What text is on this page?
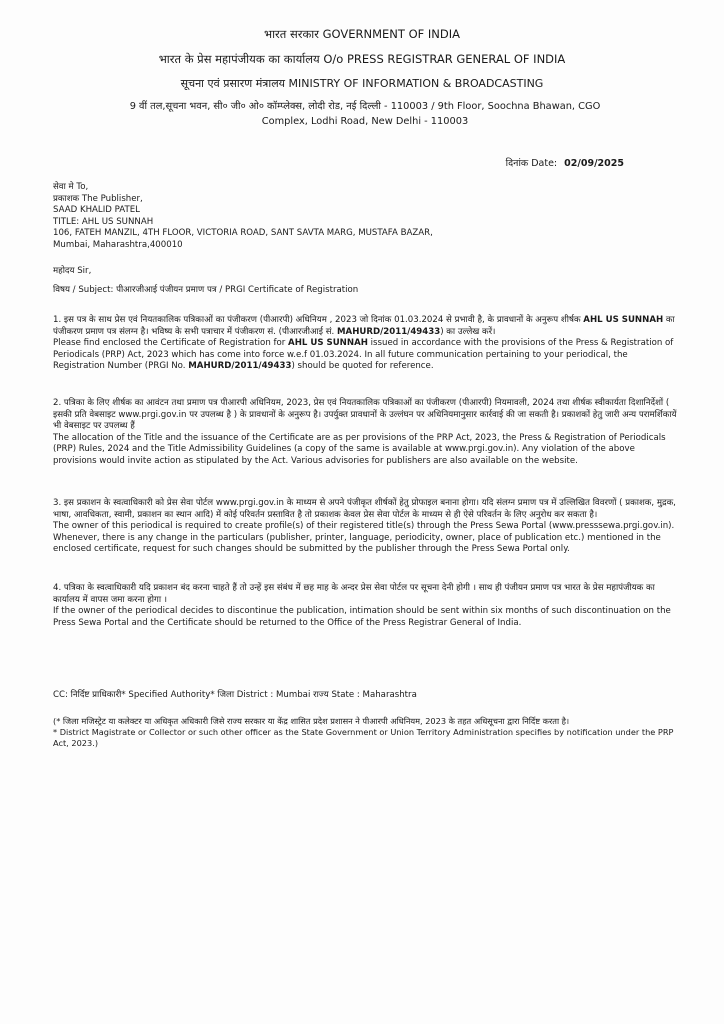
भारत सरकार GOVERNMENT OF INDIA
भारत के प्रेस महापंजीयक का कार्यालय O/o PRESS REGISTRAR GENERAL OF INDIA
सूचना एवं प्रसारण मंत्रालय MINISTRY OF INFORMATION & BROADCASTING
9 वीं तल,सूचना भवन, सी० जी० ओ० कॉम्प्लेक्स, लोदी रोड, नई दिल्ली - 110003 / 9th Floor, Soochna Bhawan, CGO Complex, Lodhi Road, New Delhi - 110003
दिनांक Date: 02/09/2025
सेवा मे To,
प्रकाशक The Publisher,
SAAD KHALID PATEL
TITLE: AHL US SUNNAH
106, FATEH MANZIL, 4TH FLOOR, VICTORIA ROAD, SANT SAVTA MARG, MUSTAFA BAZAR,
Mumbai, Maharashtra,400010
महोदय Sir,
विषय / Subject: पीआरजीआई पंजीयन प्रमाण पत्र / PRGI Certificate of Registration
1. इस पत्र के साथ प्रेस एवं नियतकालिक पत्रिकाओं का पंजीकरण (पीआरपी) अधिनियम , 2023 जो दिनांक 01.03.2024 से प्रभावी है, के प्रावधानों के अनुरूप शीर्षक AHL US SUNNAH का पंजीकरण प्रमाण पत्र संलग्न है। भविष्य के सभी पत्राचार में पंजीकरण सं. (पीआरजीआई सं. MAHURD/2011/49433) का उल्लेख करें।
Please find enclosed the Certificate of Registration for AHL US SUNNAH issued in accordance with the provisions of the Press & Registration of Periodicals (PRP) Act, 2023 which has come into force w.e.f 01.03.2024. In all future communication pertaining to your periodical, the Registration Number (PRGI No. MAHURD/2011/49433) should be quoted for reference.
2. पत्रिका के लिए शीर्षक का आवंटन तथा प्रमाण पत्र पीआरपी अधिनियम, 2023, प्रेस एवं नियतकालिक पत्रिकाओं का पंजीकरण (पीआरपी) नियमावली, 2024 तथा शीर्षक स्वीकार्यता दिशानिर्देशों ( इसकी प्रति वेबसाइट www.prgi.gov.in पर उपलब्ध है ) के प्रावधानों के अनुरूप है। उपर्युक्त प्रावधानों के उल्लंघन पर अधिनियमानुसार कार्रवाई की जा सकती है। प्रकाशकों हेतु जारी अन्य परामर्शिकायें भी वेबसाइट पर उपलब्ध हैं
The allocation of the Title and the issuance of the Certificate are as per provisions of the PRP Act, 2023, the Press & Registration of Periodicals (PRP) Rules, 2024 and the Title Admissibility Guidelines (a copy of the same is available at www.prgi.gov.in). Any violation of the above provisions would invite action as stipulated by the Act. Various advisories for publishers are also available on the website.
3. इस प्रकाशन के स्वत्वाधिकारी को प्रेस सेवा पोर्टल www.prgi.gov.in के माध्यम से अपने पंजीकृत शीर्षकों हेतु प्रोफाइल बनाना होगा। यदि संलग्न प्रमाण पत्र में उल्लिखित विवरणों ( प्रकाशक, मुद्रक, भाषा, आवधिकता, स्वामी, प्रकाशन का स्थान आदि) में कोई परिवर्तन प्रस्तावित है तो प्रकाशक केवल प्रेस सेवा पोर्टल के माध्यम से ही ऐसे परिवर्तन के लिए अनुरोध कर सकता है।
The owner of this periodical is required to create profile(s) of their registered title(s) through the Press Sewa Portal (www.presssewa.prgi.gov.in). Whenever, there is any change in the particulars (publisher, printer, language, periodicity, owner, place of publication etc.) mentioned in the enclosed certificate, request for such changes should be submitted by the publisher through the Press Sewa Portal only.
4. पत्रिका के स्वत्वाधिकारी यदि प्रकाशन बंद करना चाहते हैं तो उन्हें इस संबंध में छह माह के अन्दर प्रेस सेवा पोर्टल पर सूचना देनी होगी । साथ ही पंजीयन प्रमाण पत्र भारत के प्रेस महापंजीयक का कार्यालय में वापस जमा करना होगा ।
If the owner of the periodical decides to discontinue the publication, intimation should be sent within six months of such discontinuation on the Press Sewa Portal and the Certificate should be returned to the Office of the Press Registrar General of India.
CC: निर्दिष्ट प्राधिकारी* Specified Authority* जिला District : Mumbai राज्य State : Maharashtra
(* जिला मजिस्ट्रेट या कलेक्टर या अधिकृत अधिकारी जिसे राज्य सरकार या केंद्र शासित प्रदेश प्रशासन ने पीआरपी अधिनियम, 2023 के तहत अधिसूचना द्वारा निर्दिष्ट करता है।
* District Magistrate or Collector or such other officer as the State Government or Union Territory Administration specifies by notification under the PRP Act, 2023.)
